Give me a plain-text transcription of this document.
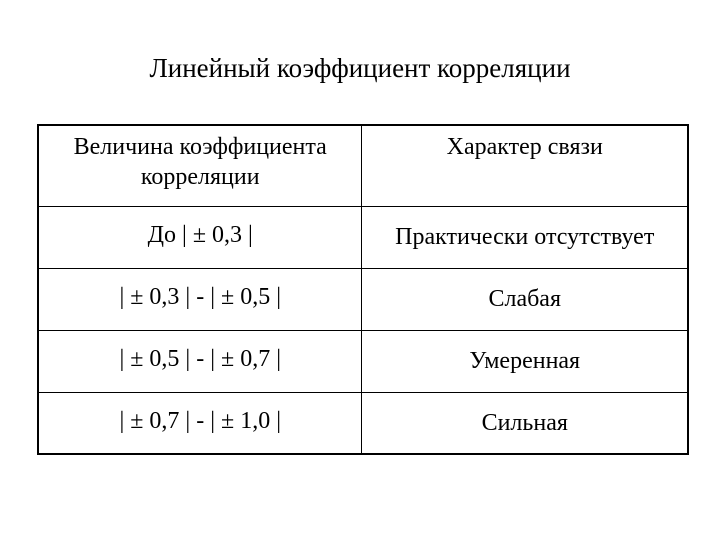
Линейный коэффициент корреляции
Величина коэффициента корреляции	Характер связи
До | ± 0,3 |	Практически отсутствует
| ± 0,3 | - | ± 0,5 |	Слабая
| ± 0,5 | - | ± 0,7 |	Умеренная
| ± 0,7 | - | ± 1,0 |	Сильная
